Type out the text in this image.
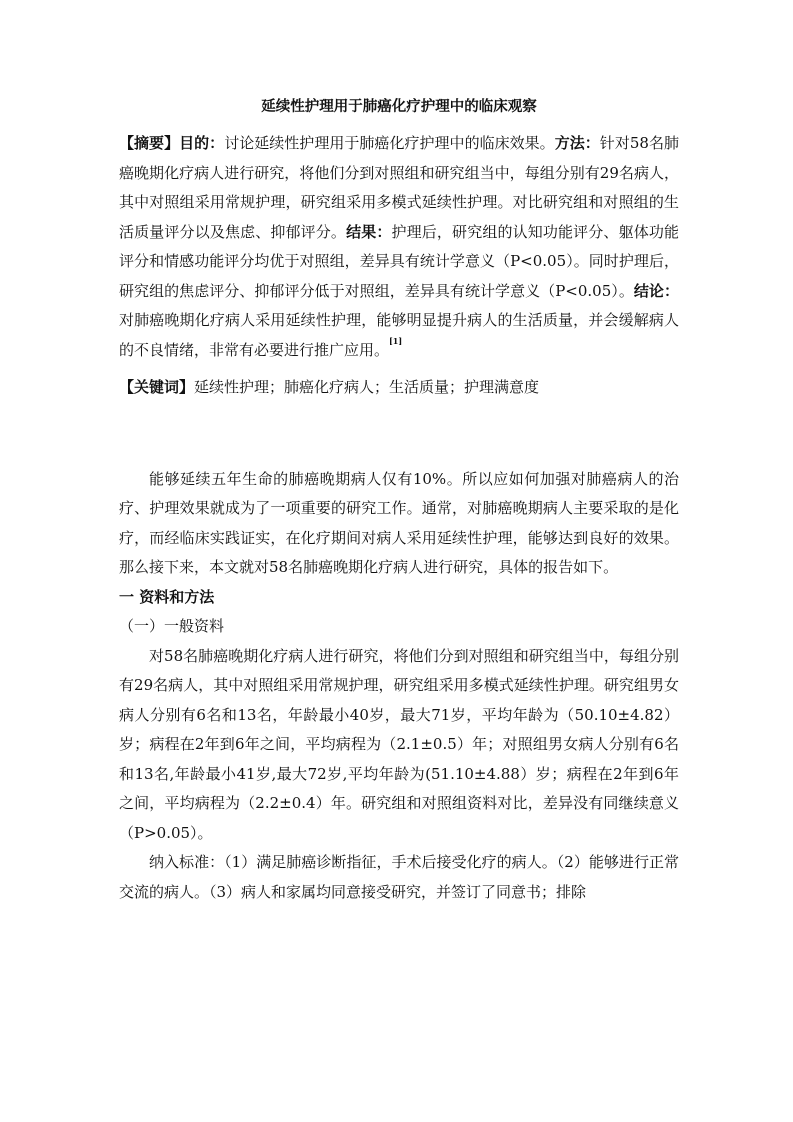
延续性护理用于肺癌化疗护理中的临床观察

【摘要】目的：讨论延续性护理用于肺癌化疗护理中的临床效果。方法：针对58名肺癌晚期化疗病人进行研究，将他们分到对照组和研究组当中，每组分别有29名病人，其中对照组采用常规护理，研究组采用多模式延续性护理。对比研究组和对照组的生活质量评分以及焦虑、抑郁评分。结果：护理后，研究组的认知功能评分、躯体功能评分和情感功能评分均优于对照组，差异具有统计学意义（P<0.05）。同时护理后，研究组的焦虑评分、抑郁评分低于对照组，差异具有统计学意义（P<0.05）。结论：对肺癌晚期化疗病人采用延续性护理，能够明显提升病人的生活质量，并会缓解病人的不良情绪，非常有必要进行推广应用。[1]

【关键词】延续性护理；肺癌化疗病人；生活质量；护理满意度

能够延续五年生命的肺癌晚期病人仅有10%。所以应如何加强对肺癌病人的治疗、护理效果就成为了一项重要的研究工作。通常，对肺癌晚期病人主要采取的是化疗，而经临床实践证实，在化疗期间对病人采用延续性护理，能够达到良好的效果。那么接下来，本文就对58名肺癌晚期化疗病人进行研究，具体的报告如下。

一 资料和方法

（一）一般资料

对58名肺癌晚期化疗病人进行研究，将他们分到对照组和研究组当中，每组分别有29名病人，其中对照组采用常规护理，研究组采用多模式延续性护理。研究组男女病人分别有6名和13名，年龄最小40岁，最大71岁，平均年龄为（50.10±4.82）岁；病程在2年到6年之间，平均病程为（2.1±0.5）年；对照组男女病人分别有6名和13名,年龄最小41岁,最大72岁,平均年龄为(51.10±4.88）岁；病程在2年到6年之间，平均病程为（2.2±0.4）年。研究组和对照组资料对比，差异没有同继续意义（P>0.05）。

纳入标准：（1）满足肺癌诊断指征，手术后接受化疗的病人。（2）能够进行正常交流的病人。（3）病人和家属均同意接受研究，并签订了同意书；排除
